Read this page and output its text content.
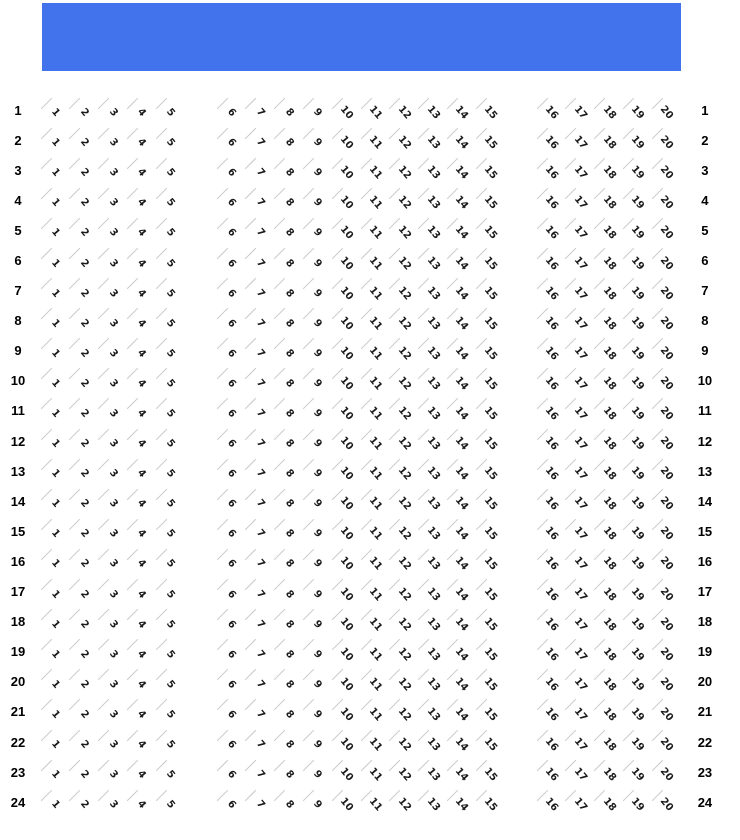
1	1	2	3	4	5	6	7	8	9	10	11	12	13	14	15	16	17	18	19	20	1
2	1	2	3	4	5	6	7	8	9	10	11	12	13	14	15	16	17	18	19	20	2
3	1	2	3	4	5	6	7	8	9	10	11	12	13	14	15	16	17	18	19	20	3
4	1	2	3	4	5	6	7	8	9	10	11	12	13	14	15	16	17	18	19	20	4
5	1	2	3	4	5	6	7	8	9	10	11	12	13	14	15	16	17	18	19	20	5
6	1	2	3	4	5	6	7	8	9	10	11	12	13	14	15	16	17	18	19	20	6
7	1	2	3	4	5	6	7	8	9	10	11	12	13	14	15	16	17	18	19	20	7
8	1	2	3	4	5	6	7	8	9	10	11	12	13	14	15	16	17	18	19	20	8
9	1	2	3	4	5	6	7	8	9	10	11	12	13	14	15	16	17	18	19	20	9
10	1	2	3	4	5	6	7	8	9	10	11	12	13	14	15	16	17	18	19	20	10
11	1	2	3	4	5	6	7	8	9	10	11	12	13	14	15	16	17	18	19	20	11
12	1	2	3	4	5	6	7	8	9	10	11	12	13	14	15	16	17	18	19	20	12
13	1	2	3	4	5	6	7	8	9	10	11	12	13	14	15	16	17	18	19	20	13
14	1	2	3	4	5	6	7	8	9	10	11	12	13	14	15	16	17	18	19	20	14
15	1	2	3	4	5	6	7	8	9	10	11	12	13	14	15	16	17	18	19	20	15
16	1	2	3	4	5	6	7	8	9	10	11	12	13	14	15	16	17	18	19	20	16
17	1	2	3	4	5	6	7	8	9	10	11	12	13	14	15	16	17	18	19	20	17
18	1	2	3	4	5	6	7	8	9	10	11	12	13	14	15	16	17	18	19	20	18
19	1	2	3	4	5	6	7	8	9	10	11	12	13	14	15	16	17	18	19	20	19
20	1	2	3	4	5	6	7	8	9	10	11	12	13	14	15	16	17	18	19	20	20
21	1	2	3	4	5	6	7	8	9	10	11	12	13	14	15	16	17	18	19	20	21
22	1	2	3	4	5	6	7	8	9	10	11	12	13	14	15	16	17	18	19	20	22
23	1	2	3	4	5	6	7	8	9	10	11	12	13	14	15	16	17	18	19	20	23
24	1	2	3	4	5	6	7	8	9	10	11	12	13	14	15	16	17	18	19	20	24
